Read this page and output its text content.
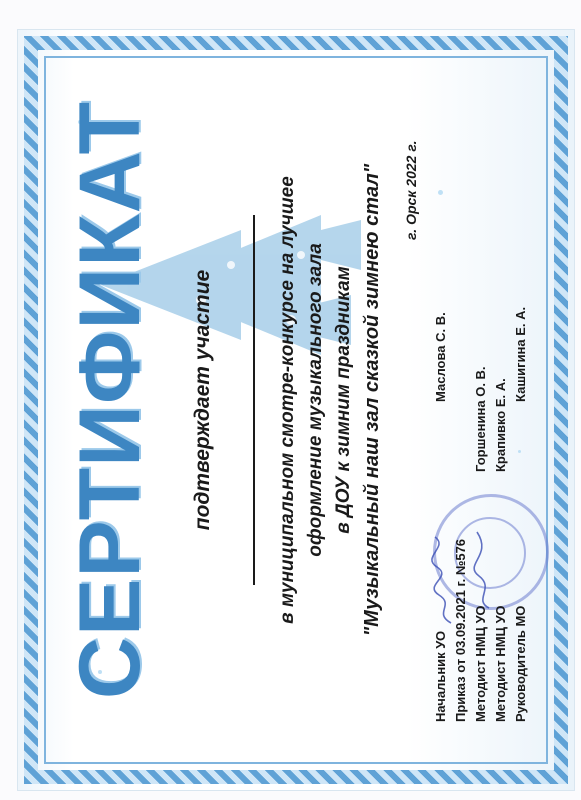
СЕРТИФИКАТ подтверждает участие	в муниципальном смотре-конкурсе на лучшее оформление музыкального зала в ДОУ к зимним праздникам "Музыкальный наш зал сказкой зимнею стал" г. Орск 2022 г.
Начальник УО
Маслова С. В.
Приказ от 03.09.2021 г. №576 Методист НМЦ УО
Горшенина О. В.
Методист НМЦ УО
Крапивко Е. А.
Руководитель МО
Кашигина Е. А.
